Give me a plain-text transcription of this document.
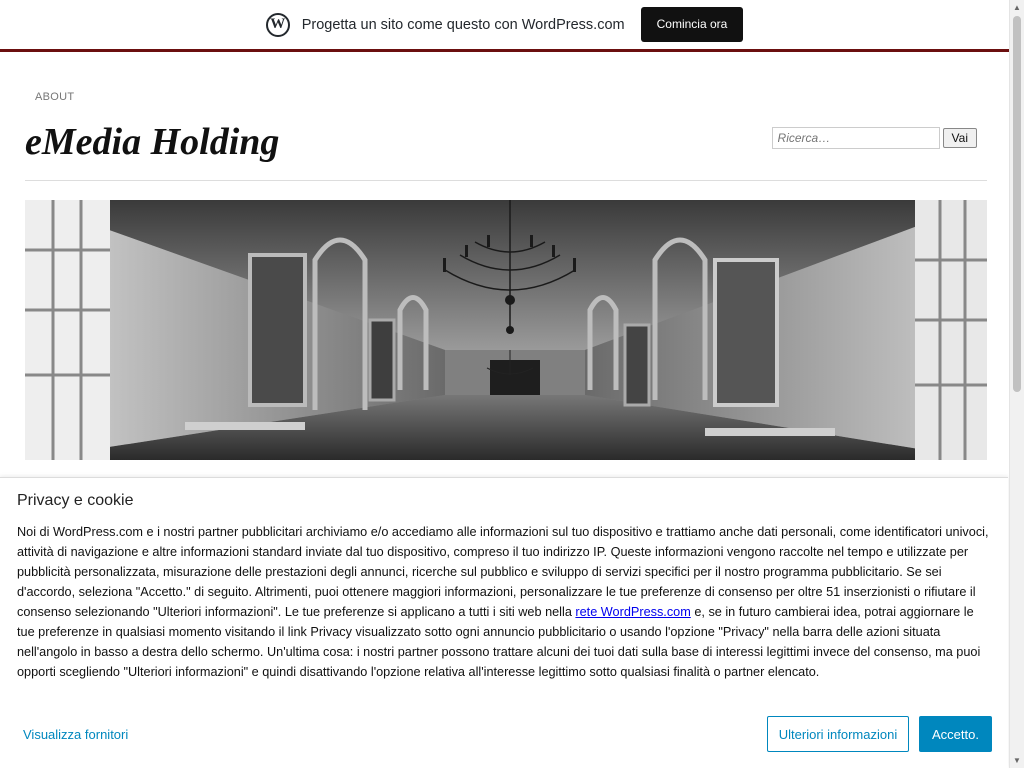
W	Progetta un sito come questo con WordPress.com	Comincia ora
ABOUT
eMedia Holding
Ricerca…	Vai
Privacy e cookie

Noi di WordPress.com e i nostri partner pubblicitari archiviamo e/o accediamo alle informazioni sul tuo dispositivo e trattiamo anche dati personali, come identificatori univoci, attività di navigazione e altre informazioni standard inviate dal tuo dispositivo, compreso il tuo indirizzo IP. Queste informazioni vengono raccolte nel tempo e utilizzate per pubblicità personalizzata, misurazione delle prestazioni degli annunci, ricerche sul pubblico e sviluppo di servizi specifici per il nostro programma pubblicitario. Se sei d'accordo, seleziona "Accetto." di seguito. Altrimenti, puoi ottenere maggiori informazioni, personalizzare le tue preferenze di consenso per oltre 51 inserzionisti o rifiutare il consenso selezionando "Ulteriori informazioni". Le tue preferenze si applicano a tutti i siti web nella rete WordPress.com e, se in futuro cambierai idea, potrai aggiornare le tue preferenze in qualsiasi momento visitando il link Privacy visualizzato sotto ogni annuncio pubblicitario o usando l'opzione "Privacy" nella barra delle azioni situata nell'angolo in basso a destra dello schermo. Un'ultima cosa: i nostri partner possono trattare alcuni dei tuoi dati sulla base di interessi legittimi invece del consenso, ma puoi opporti scegliendo "Ulteriori informazioni" e quindi disattivando l'opzione relativa all'interesse legittimo sotto qualsiasi finalità o partner elencato.

Visualizza fornitori	Ulteriori informazioni	Accetto.
▲
▼
